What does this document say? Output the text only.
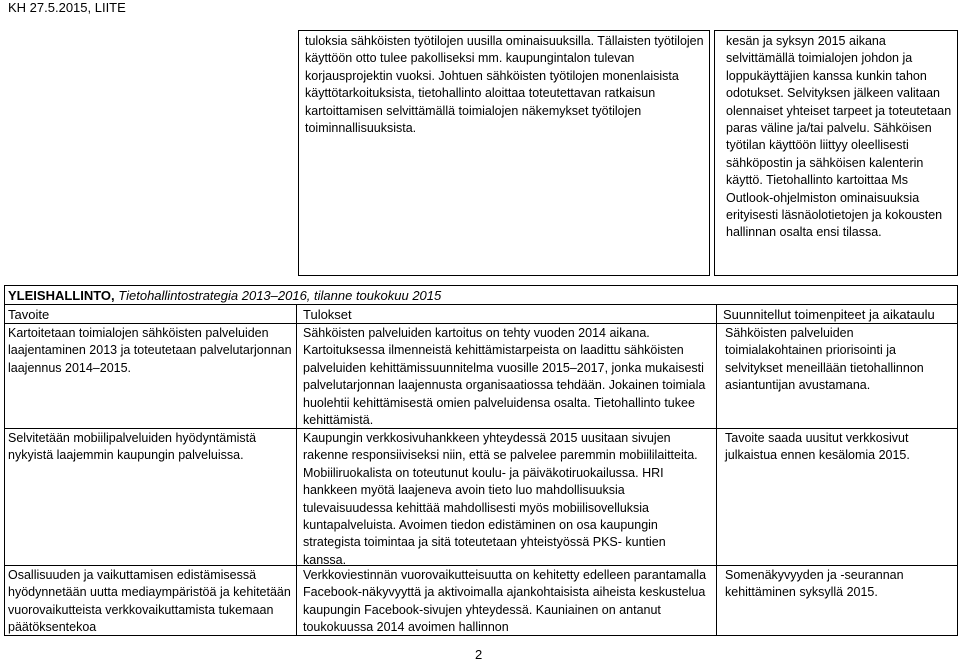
KH 27.5.2015, LIITE

tuloksia sähköisten työtilojen uusilla ominaisuuksilla. Tällaisten työtilojen käyttöön otto tulee pakolliseksi mm. kaupungintalon tulevan korjausprojektin vuoksi. Johtuen sähköisten työtilojen monenlaisista käyttötarkoituksista, tietohallinto aloittaa toteutettavan ratkaisun kartoittamisen selvittämällä toimialojen näkemykset työtilojen toiminnallisuuksista.

kesän ja syksyn 2015 aikana selvittämällä toimialojen johdon ja loppukäyttäjien kanssa kunkin tahon odotukset. Selvityksen jälkeen valitaan olennaiset yhteiset tarpeet ja toteutetaan paras väline ja/tai palvelu. Sähköisen työtilan käyttöön liittyy oleellisesti sähköpostin ja sähköisen kalenterin käyttö. Tietohallinto kartoittaa Ms Outlook-ohjelmiston ominaisuuksia erityisesti läsnäolotietojen ja kokousten hallinnan osalta ensi tilassa.

YLEISHALLINTO, Tietohallintostrategia 2013–2016, tilanne toukokuu 2015
Tavoite	Tulokset	Suunnitellut toimenpiteet ja aikataulu

Kartoitetaan toimialojen sähköisten palveluiden laajentaminen 2013 ja toteutetaan palvelutarjonnan laajennus 2014–2015.

Sähköisten palveluiden kartoitus on tehty vuoden 2014 aikana. Kartoituksessa ilmenneistä kehittämistarpeista on laadittu sähköisten palveluiden kehittämissuunnitelma vuosille 2015–2017, jonka mukaisesti palvelutarjonnan laajennusta organisaatiossa tehdään. Jokainen toimiala huolehtii kehittämisestä omien palveluidensa osalta. Tietohallinto tukee kehittämistä.

Sähköisten palveluiden toimialakohtainen priorisointi ja selvitykset meneillään tietohallinnon asiantuntijan avustamana.

Selvitetään mobiilipalveluiden hyödyntämistä nykyistä laajemmin kaupungin palveluissa.

Kaupungin verkkosivuhankkeen yhteydessä 2015 uusitaan sivujen rakenne responsiiviseksi niin, että se palvelee paremmin mobiililaitteita. Mobiiliruokalista on toteutunut koulu- ja päiväkotiruokailussa. HRI hankkeen myötä laajeneva avoin tieto luo mahdollisuuksia tulevaisuudessa kehittää mahdollisesti myös mobiilisovelluksia kuntapalveluista. Avoimen tiedon edistäminen on osa kaupungin strategista toimintaa ja sitä toteutetaan yhteistyössä PKS- kuntien kanssa.

Tavoite saada uusitut verkkosivut julkaistua ennen kesälomia 2015.

Osallisuuden ja vaikuttamisen edistämisessä hyödynnetään uutta mediaympäristöä ja kehitetään vuorovaikutteista verkkovaikuttamista tukemaan päätöksentekoa

Verkkoviestinnän vuorovaikutteisuutta on kehitetty edelleen parantamalla Facebook-näkyvyyttä ja aktivoimalla ajankohtaisista aiheista keskustelua kaupungin Facebook-sivujen yhteydessä. Kauniainen on antanut toukokuussa 2014 avoimen hallinnon

Somenäkyvyyden ja -seurannan kehittäminen syksyllä 2015.

2
